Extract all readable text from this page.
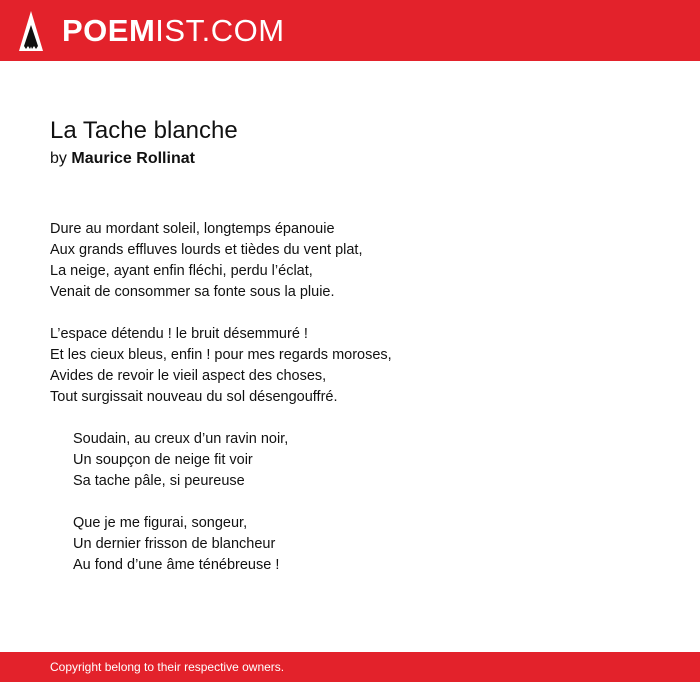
POEMIST.COM
La Tache blanche
by Maurice Rollinat
Dure au mordant soleil, longtemps épanouie
Aux grands effluves lourds et tièdes du vent plat,
La neige, ayant enfin fléchi, perdu l’éclat,
Venait de consommer sa fonte sous la pluie.
L’espace détendu ! le bruit désemmuré !
Et les cieux bleus, enfin ! pour mes regards moroses,
Avides de revoir le vieil aspect des choses,
Tout surgissait nouveau du sol désengouffré.
Soudain, au creux d’un ravin noir,
Un soupçon de neige fit voir
Sa tache pâle, si peureuse
Que je me figurai, songeur,
Un dernier frisson de blancheur
Au fond d’une âme ténébreuse !
Copyright belong to their respective owners.
